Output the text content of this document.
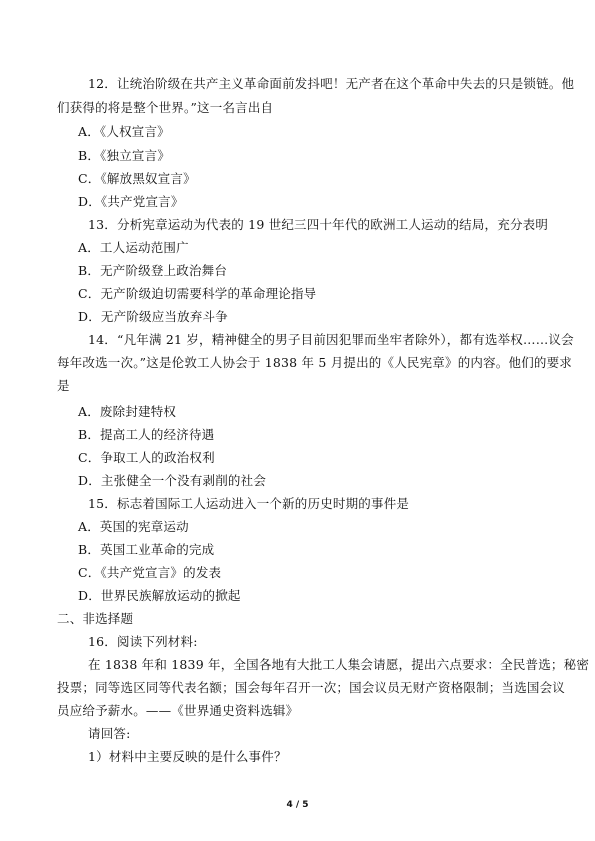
12．让统治阶级在共产主义革命面前发抖吧！无产者在这个革命中失去的只是锁链。他
们获得的将是整个世界。”这一名言出自
A．《人权宣言》
B．《独立宣言》
C．《解放黑奴宣言》
D．《共产党宣言》
13．分析宪章运动为代表的 19 世纪三四十年代的欧洲工人运动的结局，充分表明
A．工人运动范围广
B．无产阶级登上政治舞台
C．无产阶级迫切需要科学的革命理论指导
D．无产阶级应当放弃斗争
14．“凡年满 21 岁，精神健全的男子目前因犯罪而坐牢者除外），都有选举权……议会
每年改选一次。”这是伦敦工人协会于 1838 年 5 月提出的《人民宪章》的内容。他们的要求
是
A．废除封建特权
B．提高工人的经济待遇
C．争取工人的政治权利
D．主张健全一个没有剥削的社会
15．标志着国际工人运动进入一个新的历史时期的事件是
A．英国的宪章运动
B．英国工业革命的完成
C．《共产党宣言》的发表
D．世界民族解放运动的掀起
二、非选择题
16．阅读下列材料:
在 1838 年和 1839 年，全国各地有大批工人集会请愿，提出六点要求：全民普选；秘密
投票；同等选区同等代表名额；国会每年召开一次；国会议员无财产资格限制；当选国会议
员应给予薪水。——《世界通史资料选辑》
请回答:
1）材料中主要反映的是什么事件？
4 / 5
